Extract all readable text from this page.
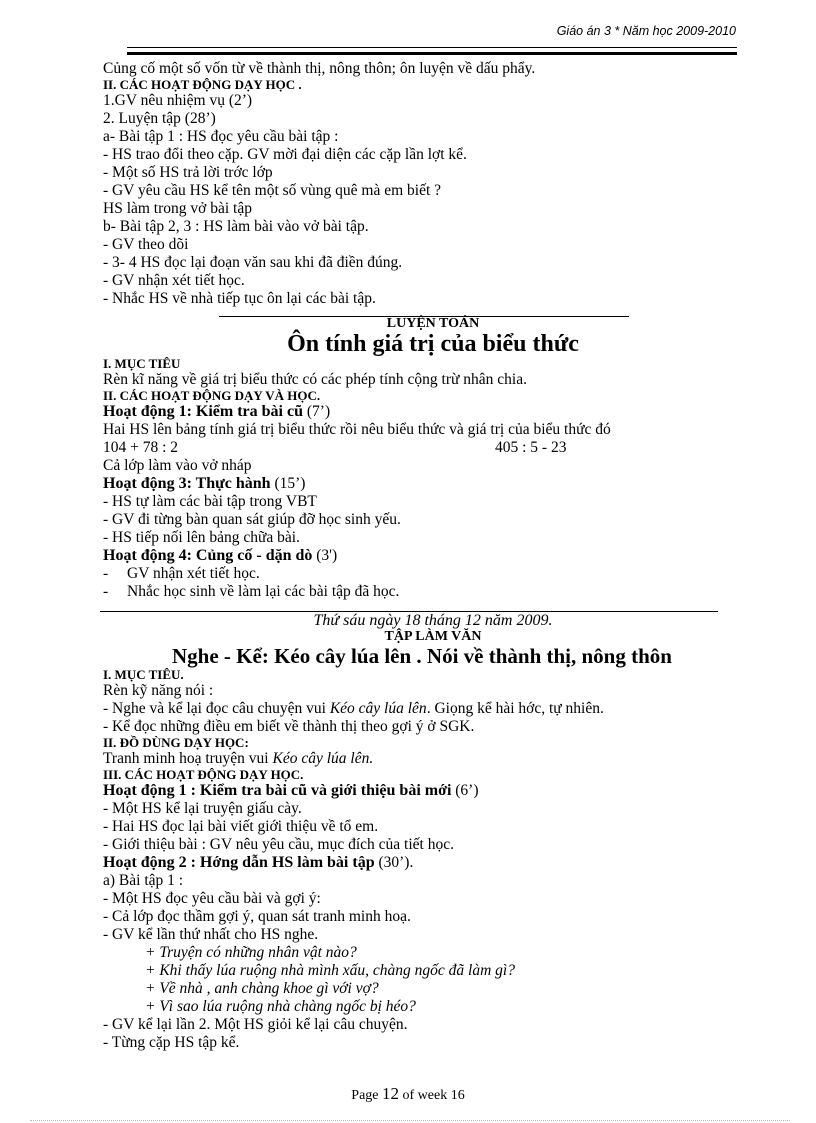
Giáo án 3 * Năm học 2009-2010
Củng cố một số vốn từ về thành thị, nông thôn; ôn luyện về dấu phẩy.
II. CÁC HOẠT ĐỘNG DẠY HỌC .
1.GV nêu nhiệm vụ (2’)
2. Luyện tập (28’)
a- Bài tập 1 : HS đọc yêu cầu bài tập :
- HS trao đổi theo cặp. GV mời đại diện các cặp lần lợt kể.
- Một số HS trả lời trớc lớp
- GV yêu cầu HS kể tên một số vùng quê mà em biết ?
HS làm trong vở bài tập
b- Bài tập 2, 3 : HS làm bài vào vở bài tập.
- GV theo dõi
- 3- 4 HS đọc lại đoạn văn sau khi đã điền đúng.
- GV nhận xét tiết học.
- Nhắc HS về nhà tiếp tục ôn lại các bài tập.
LUYỆN TOÁN
Ôn tính giá trị của biểu thức
I. MỤC TIÊU
Rèn kĩ năng về giá trị biểu thức có các phép tính cộng trừ nhân chia.
II. CÁC HOẠT ĐỘNG DẠY VÀ HỌC.
Hoạt động 1: Kiểm tra bài cũ (7’)
Hai HS lên bảng tính giá trị biểu thức rồi nêu biểu thức và giá trị của biểu thức đó
104 + 78 : 2	405 : 5 - 23
Cả lớp làm vào vở nháp
Hoạt động 3: Thực hành (15’)
- HS tự làm các bài tập trong VBT
- GV đi từng bàn quan sát giúp đỡ học sinh yếu.
- HS tiếp nối lên bảng chữa bài.
Hoạt động 4: Củng cố - dặn dò (3')
- GV nhận xét tiết học.
- Nhắc học sinh về làm lại các bài tập đã học.
Thứ sáu ngày 18 tháng 12 năm 2009.
TẬP LÀM VĂN
Nghe - Kể: Kéo cây lúa lên . Nói về thành thị, nông thôn
I. MỤC TIÊU.
Rèn kỹ năng nói :
- Nghe và kể lại đọc câu chuyện vui Kéo cây lúa lên. Giọng kể hài hớc, tự nhiên.
- Kể đọc những điều em biết về thành thị theo gợi ý ở SGK.
II. ĐỒ DÙNG DẠY HỌC:
Tranh minh hoạ truyện vui Kéo cây lúa lên.
III. CÁC HOẠT ĐỘNG DẠY HỌC.
Hoạt động 1 : Kiểm tra bài cũ và giới thiệu bài mới (6’)
- Một HS kể lại truyện giấu cày.
- Hai HS đọc lại bài viết giới thiệu về tổ em.
- Giới thiệu bài : GV nêu yêu cầu, mục đích của tiết học.
Hoạt động 2 : Hớng dẫn HS làm bài tập (30’).
a) Bài tập 1 :
- Một HS đọc yêu cầu bài và gợi ý:
- Cả lớp đọc thầm gợi ý, quan sát tranh minh hoạ.
- GV kể lần thứ nhất cho HS nghe.
+ Truyện có những nhân vật nào?
+ Khi thấy lúa ruộng nhà mình xấu, chàng ngốc đã làm gì?
+ Về nhà , anh chàng khoe gì với vợ?
+ Vì sao lúa ruộng nhà chàng ngốc bị héo?
- GV kể lại lần 2. Một HS giỏi kể lại câu chuyện.
- Từng cặp HS tập kể.
Page 12 of week 16
